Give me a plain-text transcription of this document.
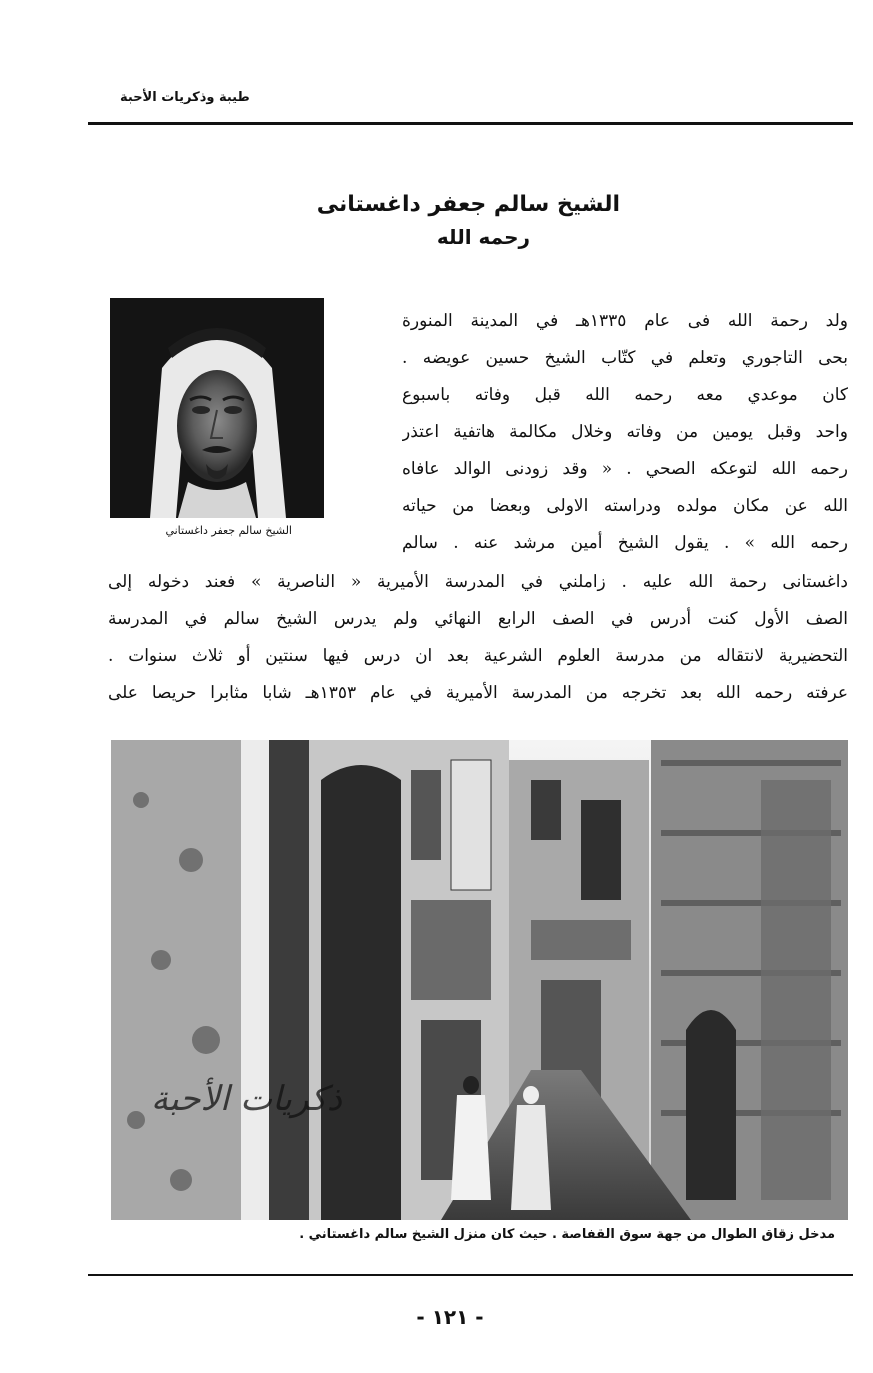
طيبة وذكريات الأحبة
الشيخ سالم جعفر داغستانى
رحمه الله
الشيخ سالم جعفر داغستاني
ولد رحمة الله فى عام ١٣٣٥هـ في المدينة المنورة
بحى التاجوري وتعلم في كتّاب الشيخ حسين عويضه .
كان موعدي معه رحمه الله قبل وفاته باسبوع
واحد وقبل يومين من وفاته وخلال مكالمة هاتفية اعتذر
رحمه الله لتوعكه الصحي . « وقد زودنى الوالد عافاه
الله عن مكان مولده ودراسته الاولى وبعضا من حياته
رحمه الله » . يقول الشيخ أمين مرشد عنه . سالم
داغستانى رحمة الله عليه . زاملني في المدرسة الأميرية « الناصرية » فعند دخوله إلى
الصف الأول كنت أدرس في الصف الرابع النهائي ولم يدرس الشيخ سالم في المدرسة
التحضيرية لانتقاله من مدرسة العلوم الشرعية بعد ان درس فيها سنتين أو ثلاث سنوات .
عرفته رحمه الله بعد تخرجه من المدرسة الأميرية في عام ١٣٥٣هـ شابا مثابرا حريصا على
ذكريات الأحبة
مدخل زقاق الطوال من جهة سوق القفاصة . حيث كان منزل الشيخ سالم داغستاني .
- ١٢١ -
